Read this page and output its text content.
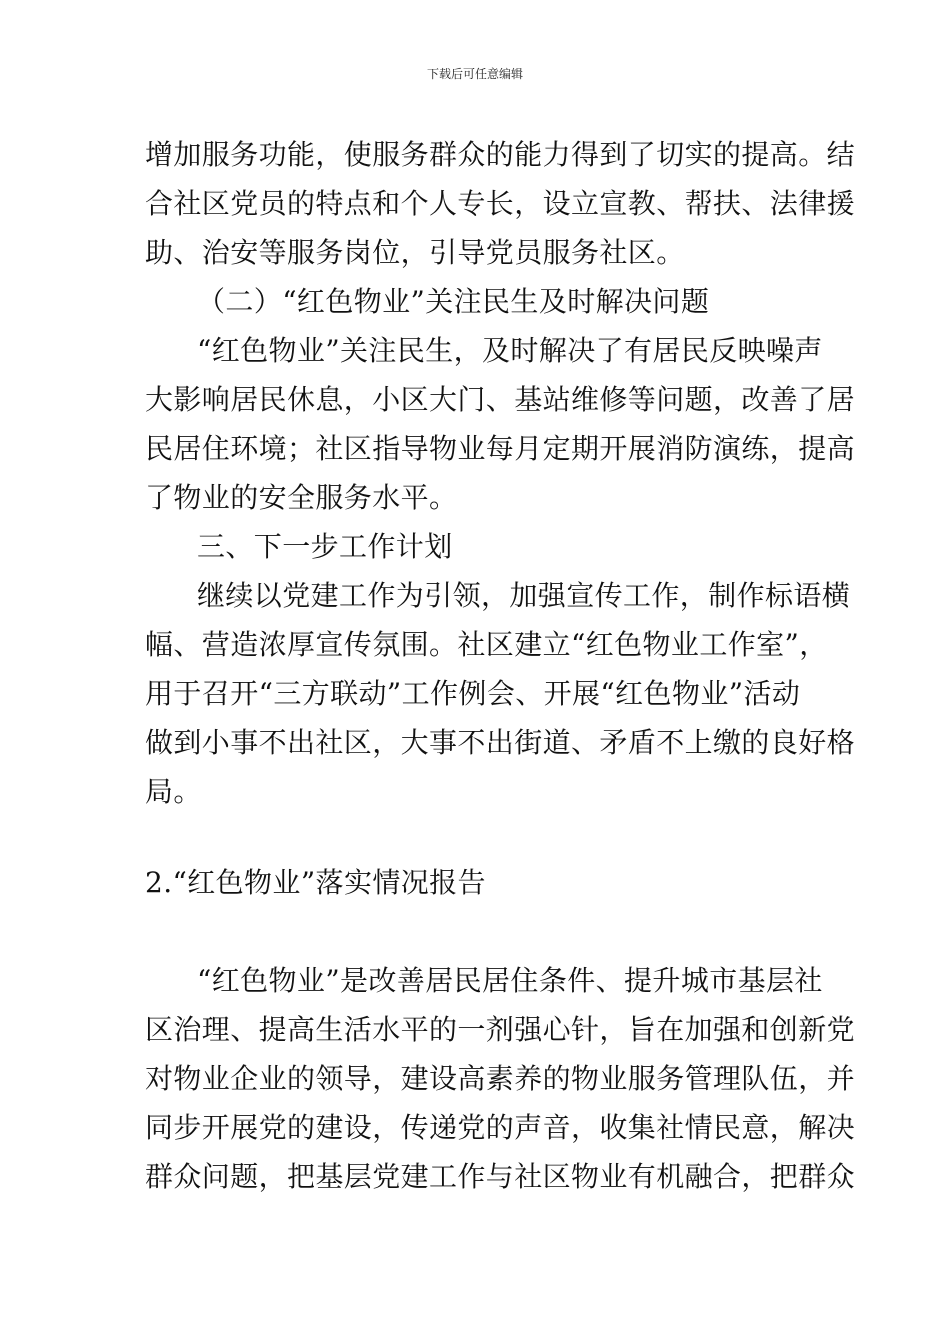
下载后可任意编辑
增加服务功能，使服务群众的能力得到了切实的提高。结
合社区党员的特点和个人专长，设立宣教、帮扶、法律援
助、治安等服务岗位，引导党员服务社区。
（二）“红色物业”关注民生及时解决问题
“红色物业”关注民生，及时解决了有居民反映噪声
大影响居民休息，小区大门、基站维修等问题，改善了居
民居住环境；社区指导物业每月定期开展消防演练，提高
了物业的安全服务水平。
三、下一步工作计划
继续以党建工作为引领，加强宣传工作，制作标语横
幅、营造浓厚宣传氛围。社区建立“红色物业工作室”，
用于召开“三方联动”工作例会、开展“红色物业”活动
做到小事不出社区，大事不出街道、矛盾不上缴的良好格
局。
2.“红色物业”落实情况报告
“红色物业”是改善居民居住条件、提升城市基层社
区治理、提高生活水平的一剂强心针，旨在加强和创新党
对物业企业的领导，建设高素养的物业服务管理队伍，并
同步开展党的建设，传递党的声音，收集社情民意，解决
群众问题，把基层党建工作与社区物业有机融合，把群众
